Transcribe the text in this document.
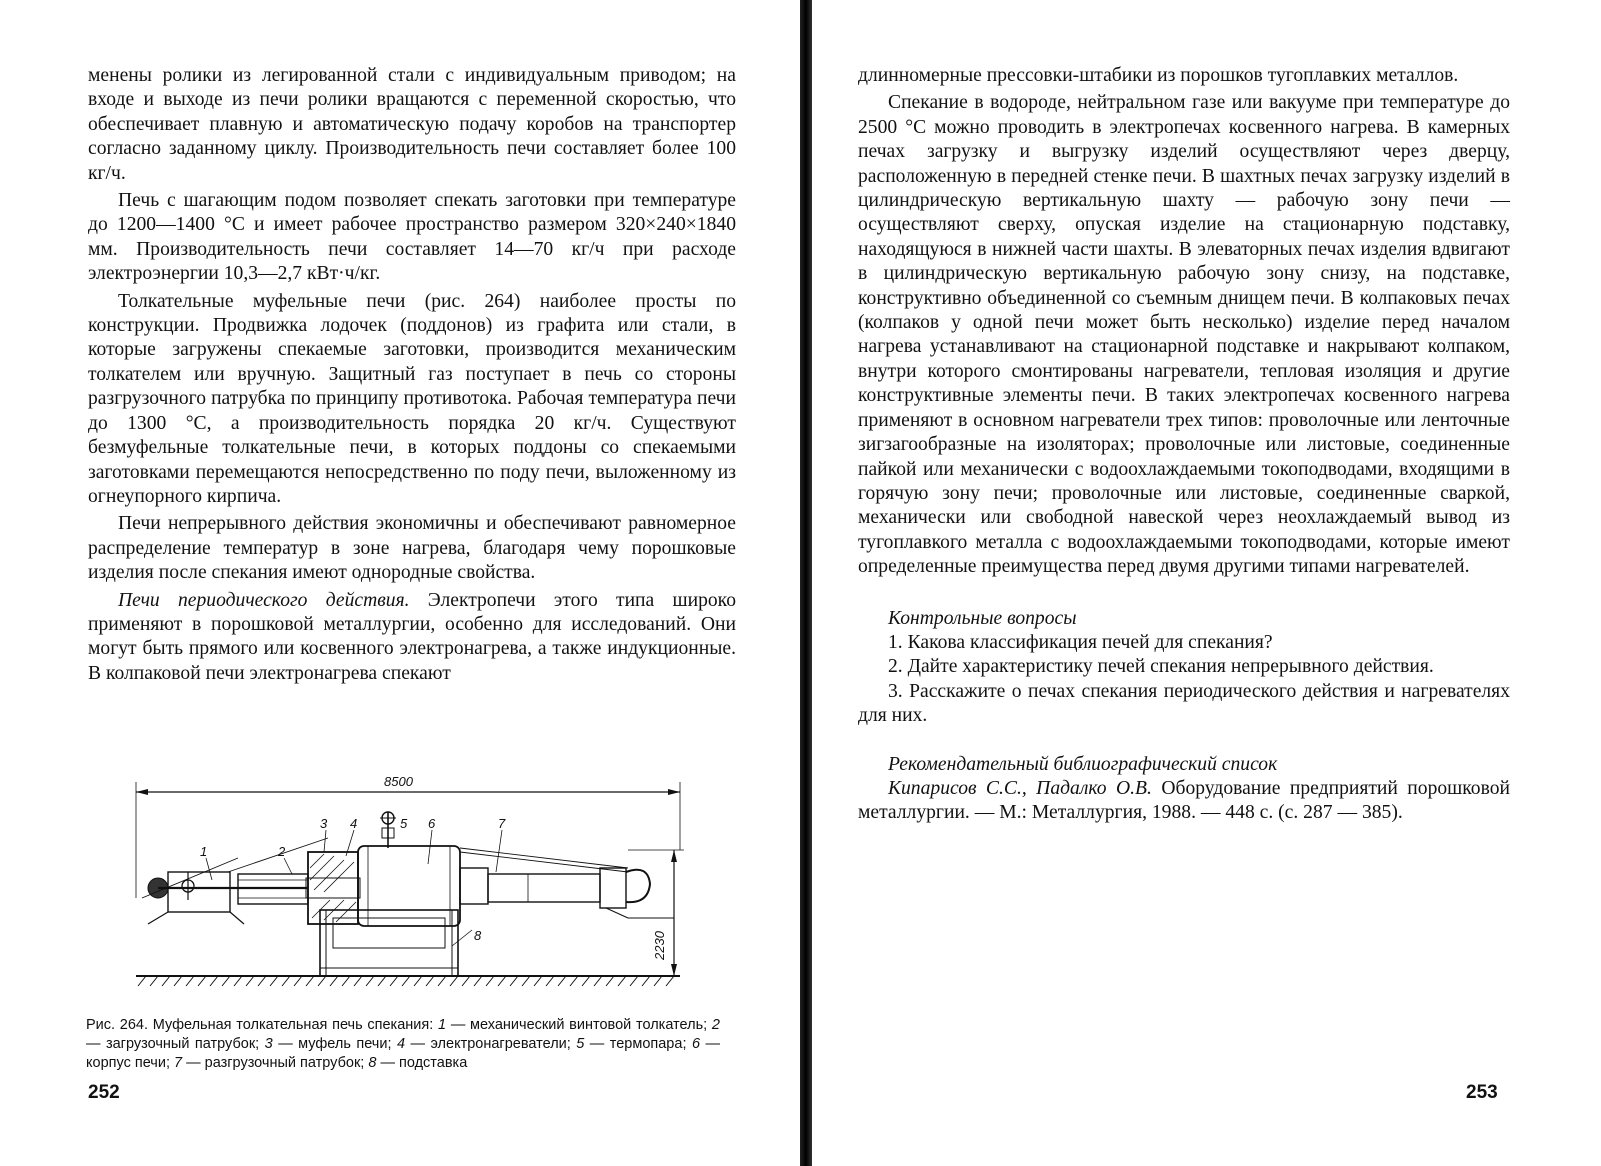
менены ролики из легированной стали с индивидуальным приводом; на входе и выходе из печи ролики вращаются с переменной скоростью, что обеспечивает плавную и автоматическую подачу коробов на транспортер согласно заданному циклу. Производительность печи составляет более 100 кг/ч.

Печь с шагающим подом позволяет спекать заготовки при температуре до 1200—1400 °С и имеет рабочее пространство размером 320×240×1840 мм. Производительность печи составляет 14—70 кг/ч при расходе электроэнергии 10,3—2,7 кВт·ч/кг.

Толкательные муфельные печи (рис. 264) наиболее просты по конструкции. Продвижка лодочек (поддонов) из графита или стали, в которые загружены спекаемые заготовки, производится механическим толкателем или вручную. Защитный газ поступает в печь со стороны разгрузочного патрубка по принципу противотока. Рабочая температура печи до 1300 °С, а производительность порядка 20 кг/ч. Существуют безмуфельные толкательные печи, в которых поддоны со спекаемыми заготовками перемещаются непосредственно по поду печи, выложенному из огнеупорного кирпича.

Печи непрерывного действия экономичны и обеспечивают равномерное распределение температур в зоне нагрева, благодаря чему порошковые изделия после спекания имеют однородные свойства.

Печи периодического действия. Электропечи этого типа широко применяют в порошковой металлургии, особенно для исследований. Они могут быть прямого или косвенного электронагрева, а также индукционные. В колпаковой печи электронагрева спекают

8500
2230
1	2
3 4	5 6	7
8
Рис. 264. Муфельная толкательная печь спекания: 1 — механический винтовой толкатель; 2 — загрузочный патрубок; 3 — муфель печи; 4 — электронагреватели; 5 — термопара; 6 — корпус печи; 7 — разгрузочный патрубок; 8 — подставка
252

длинномерные прессовки-штабики из порошков тугоплавких металлов.

Спекание в водороде, нейтральном газе или вакууме при температуре до 2500 °С можно проводить в электропечах косвенного нагрева. В камерных печах загрузку и выгрузку изделий осуществляют через дверцу, расположенную в передней стенке печи. В шахтных печах загрузку изделий в цилиндрическую вертикальную шахту — рабочую зону печи — осуществляют сверху, опуская изделие на стационарную подставку, находящуюся в нижней части шахты. В элеваторных печах изделия вдвигают в цилиндрическую вертикальную рабочую зону снизу, на подставке, конструктивно объединенной со съемным днищем печи. В колпаковых печах (колпаков у одной печи может быть несколько) изделие перед началом нагрева устанавливают на стационарной подставке и накрывают колпаком, внутри которого смонтированы нагреватели, тепловая изоляция и другие конструктивные элементы печи. В таких электропечах косвенного нагрева применяют в основном нагреватели трех типов: проволочные или ленточные зигзагообразные на изоляторах; проволочные или листовые, соединенные пайкой или механически с водоохлаждаемыми токоподводами, входящими в горячую зону печи; проволочные или листовые, соединенные сваркой, механически или свободной навеской через неохлаждаемый вывод из тугоплавкого металла с водоохлаждаемыми токоподводами, которые имеют определенные преимущества перед двумя другими типами нагревателей.

Контрольные вопросы

1. Какова классификация печей для спекания?

2. Дайте характеристику печей спекания непрерывного действия.

3. Расскажите о печах спекания периодического действия и нагревателях для них.

Рекомендательный библиографический список

Кипарисов С.С., Падалко О.В. Оборудование предприятий порошковой металлургии. — М.: Металлургия, 1988. — 448 с. (с. 287 — 385).

253
